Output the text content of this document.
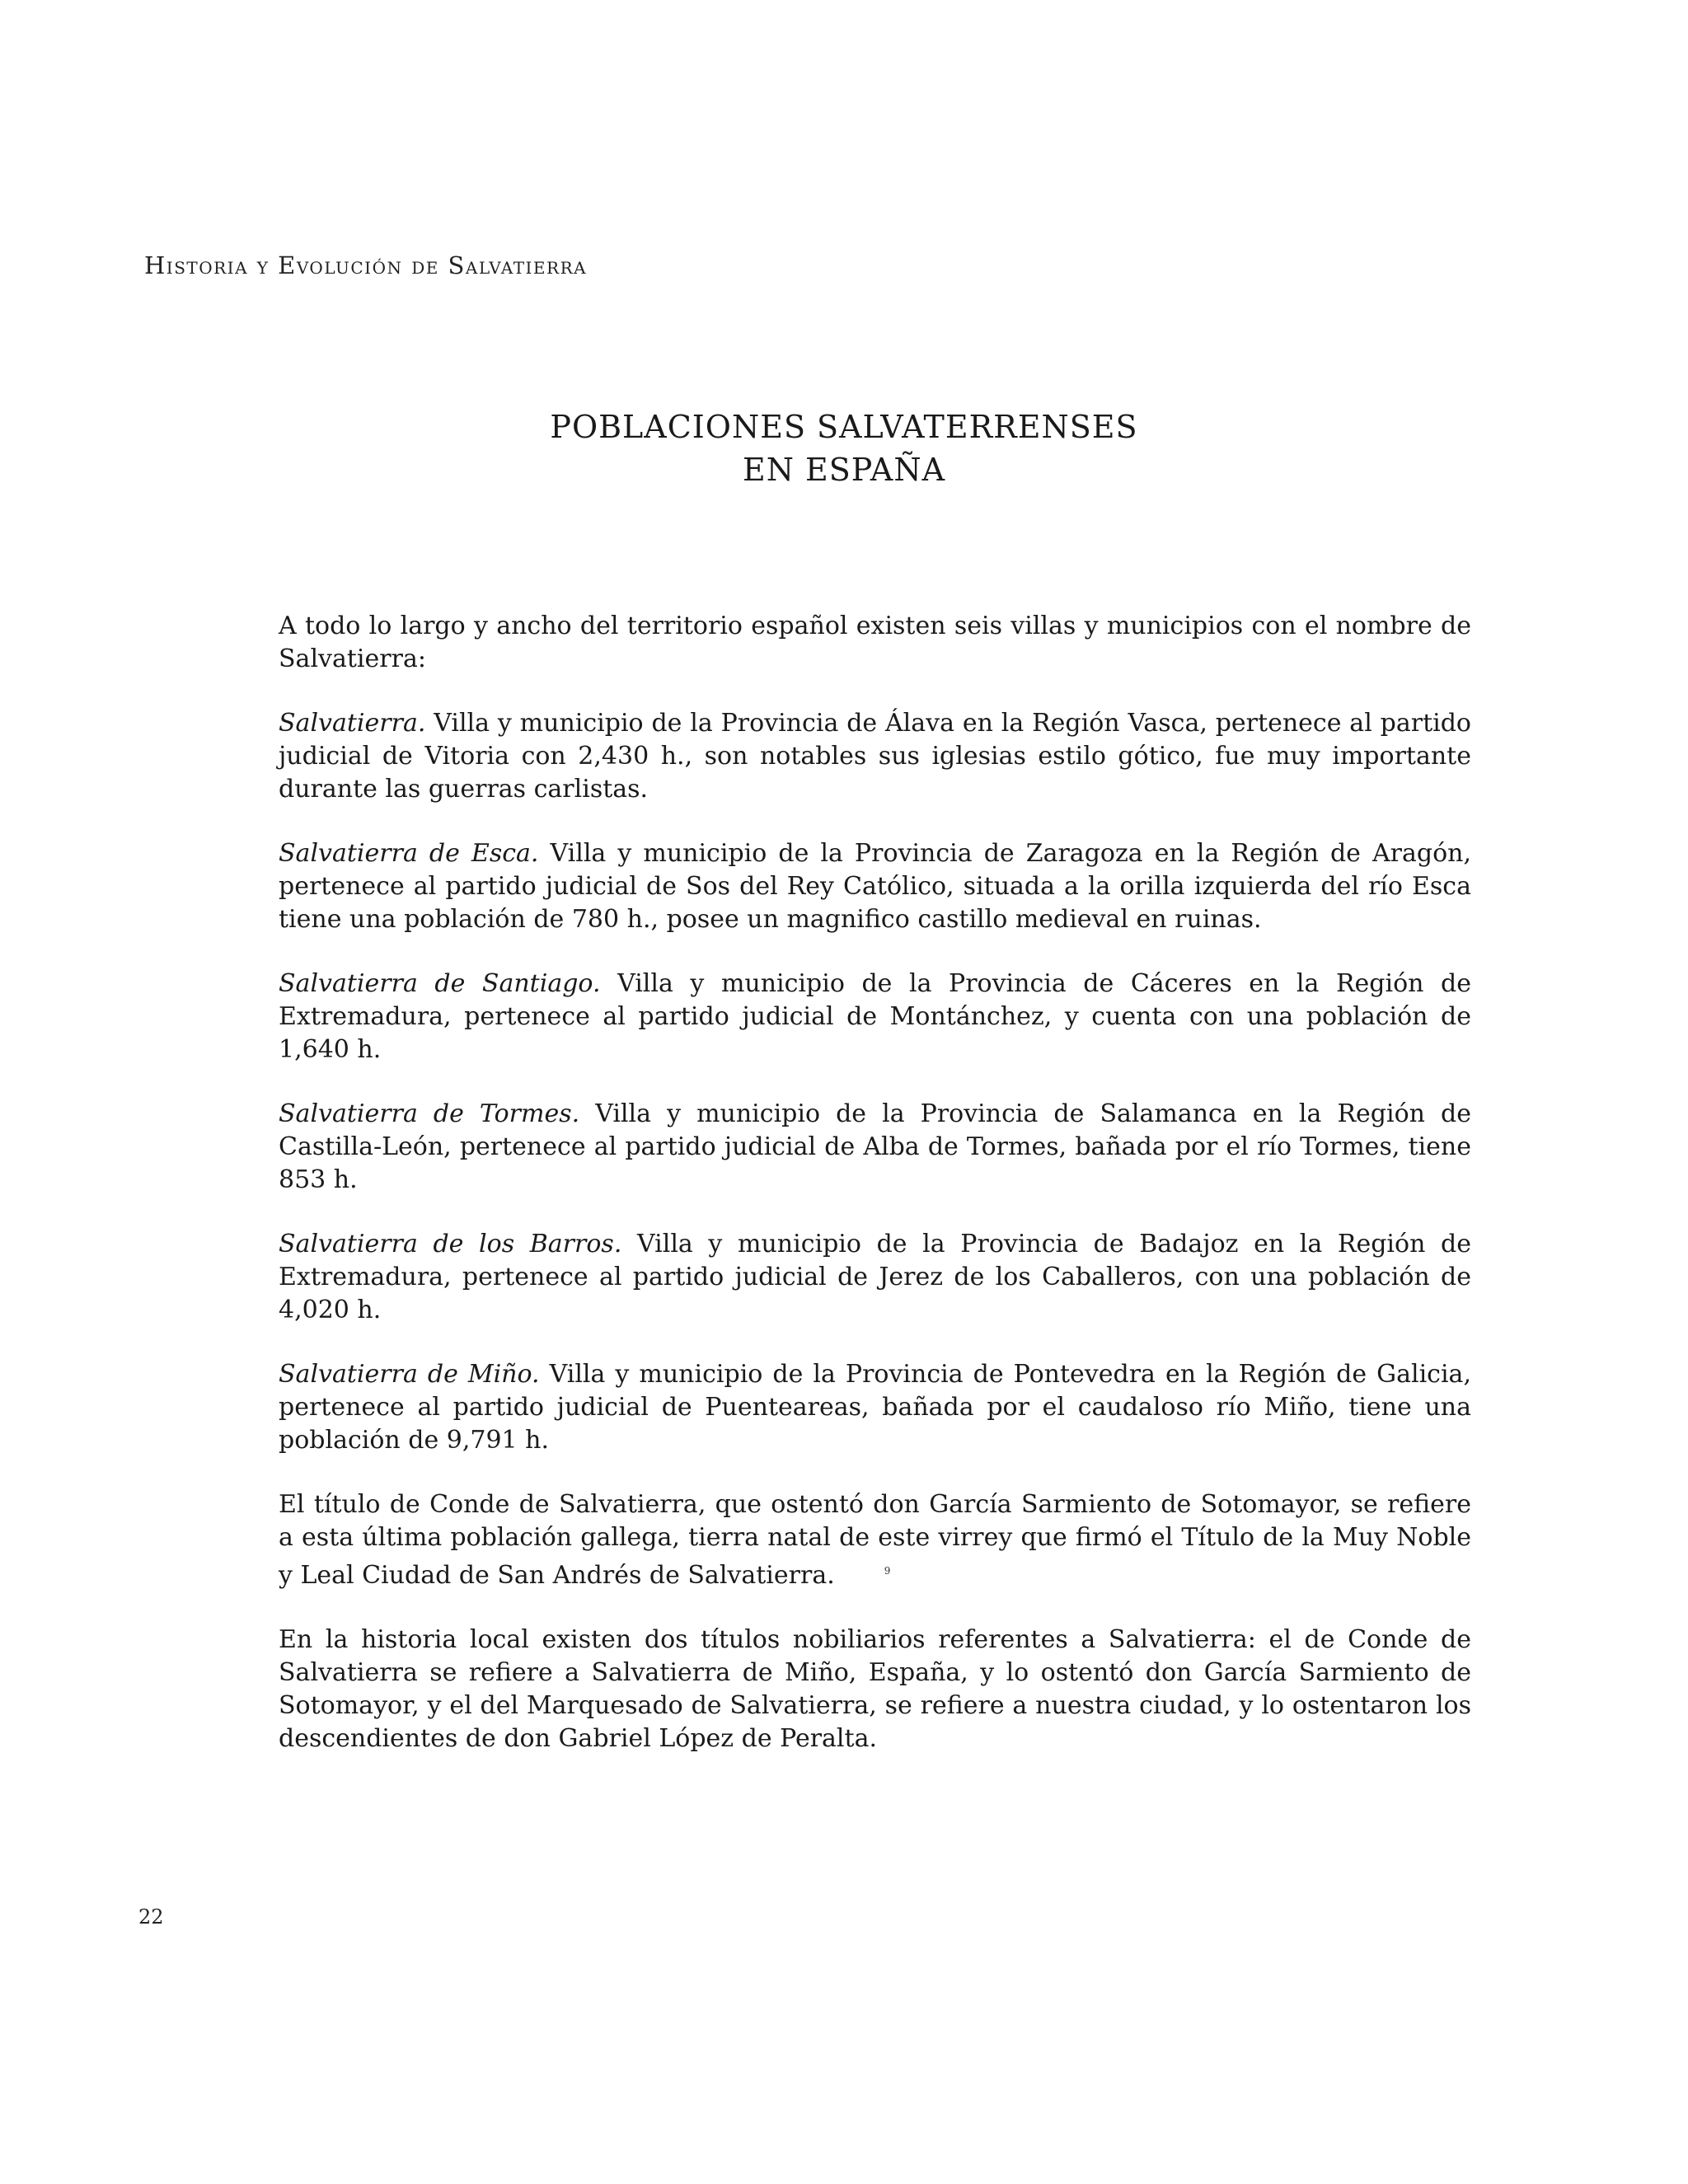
Historia y Evolución de Salvatierra
POBLACIONES SALVATERRENSES
EN ESPAÑA

A todo lo largo y ancho del territorio español existen seis villas y municipios con el nombre de Salvatierra:

Salvatierra. Villa y municipio de la Provincia de Álava en la Región Vasca, pertenece al partido judicial de Vitoria con 2,430 h., son notables sus iglesias estilo gótico, fue muy importante durante las guerras carlistas.

Salvatierra de Esca. Villa y municipio de la Provincia de Zaragoza en la Región de Aragón, pertenece al partido judicial de Sos del Rey Católico, situada a la orilla izquierda del río Esca tiene una población de 780 h., posee un magnifico castillo medieval en ruinas.

Salvatierra de Santiago. Villa y municipio de la Provincia de Cáceres en la Región de Extremadura, pertenece al partido judicial de Montánchez, y cuenta con una población de 1,640 h.

Salvatierra de Tormes. Villa y municipio de la Provincia de Salamanca en la Región de Castilla-León, pertenece al partido judicial de Alba de Tormes, bañada por el río Tormes, tiene 853 h.

Salvatierra de los Barros. Villa y municipio de la Provincia de Badajoz en la Región de Extremadura, pertenece al partido judicial de Jerez de los Caballeros, con una población de 4,020 h.

Salvatierra de Miño. Villa y municipio de la Provincia de Pontevedra en la Región de Galicia, pertenece al partido judicial de Puenteareas, bañada por el caudaloso río Miño, tiene una población de 9,791 h.

El título de Conde de Salvatierra, que ostentó don García Sarmiento de Sotomayor, se refiere a esta última población gallega, tierra natal de este virrey que firmó el Título de la Muy Noble y Leal Ciudad de San Andrés de Salvatierra.	9

En la historia local existen dos títulos nobiliarios referentes a Salvatierra: el de Conde de Salvatierra se refiere a Salvatierra de Miño, España, y lo ostentó don García Sarmiento de Sotomayor, y el del Marquesado de Salvatierra, se refiere a nuestra ciudad, y lo ostentaron los descendientes de don Gabriel López de Peralta.

22
